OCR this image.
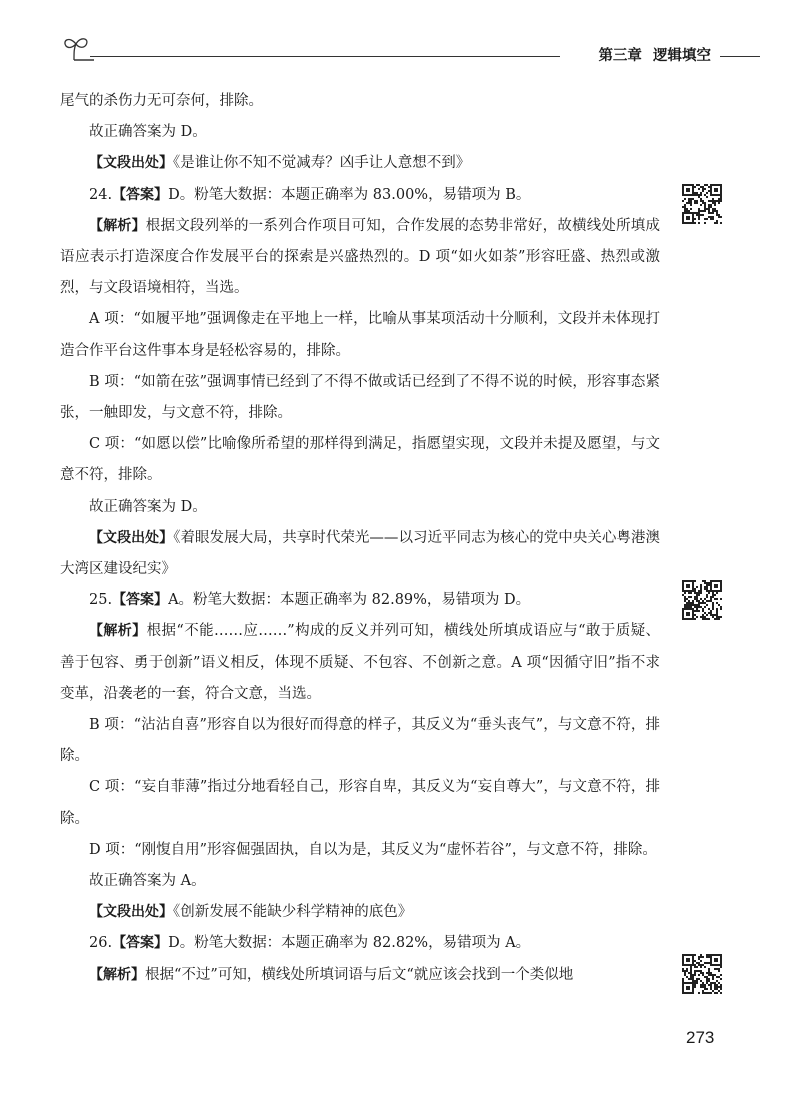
第三章 逻辑填空

尾气的杀伤力无可奈何，排除。

故正确答案为 D。

【文段出处】《是谁让你不知不觉减寿？凶手让人意想不到》

24.【答案】D。粉笔大数据：本题正确率为 83.00%，易错项为 B。

【解析】根据文段列举的一系列合作项目可知，合作发展的态势非常好，故横线处所填成语应表示打造深度合作发展平台的探索是兴盛热烈的。D 项“如火如荼”形容旺盛、热烈或激烈，与文段语境相符，当选。

A 项：“如履平地”强调像走在平地上一样，比喻从事某项活动十分顺利，文段并未体现打造合作平台这件事本身是轻松容易的，排除。

B 项：“如箭在弦”强调事情已经到了不得不做或话已经到了不得不说的时候，形容事态紧张，一触即发，与文意不符，排除。

C 项：“如愿以偿”比喻像所希望的那样得到满足，指愿望实现，文段并未提及愿望，与文意不符，排除。

故正确答案为 D。

【文段出处】《着眼发展大局，共享时代荣光——以习近平同志为核心的党中央关心粤港澳大湾区建设纪实》

25.【答案】A。粉笔大数据：本题正确率为 82.89%，易错项为 D。

【解析】根据“不能……应……”构成的反义并列可知，横线处所填成语应与“敢于质疑、善于包容、勇于创新”语义相反，体现不质疑、不包容、不创新之意。A 项“因循守旧”指不求变革，沿袭老的一套，符合文意，当选。

B 项：“沾沾自喜”形容自以为很好而得意的样子，其反义为“垂头丧气”，与文意不符，排除。

C 项：“妄自菲薄”指过分地看轻自己，形容自卑，其反义为“妄自尊大”，与文意不符，排除。

D 项：“刚愎自用”形容倔强固执，自以为是，其反义为“虚怀若谷”，与文意不符，排除。

故正确答案为 A。

【文段出处】《创新发展不能缺少科学精神的底色》

26.【答案】D。粉笔大数据：本题正确率为 82.82%，易错项为 A。

【解析】根据“不过”可知，横线处所填词语与后文“就应该会找到一个类似地

273
